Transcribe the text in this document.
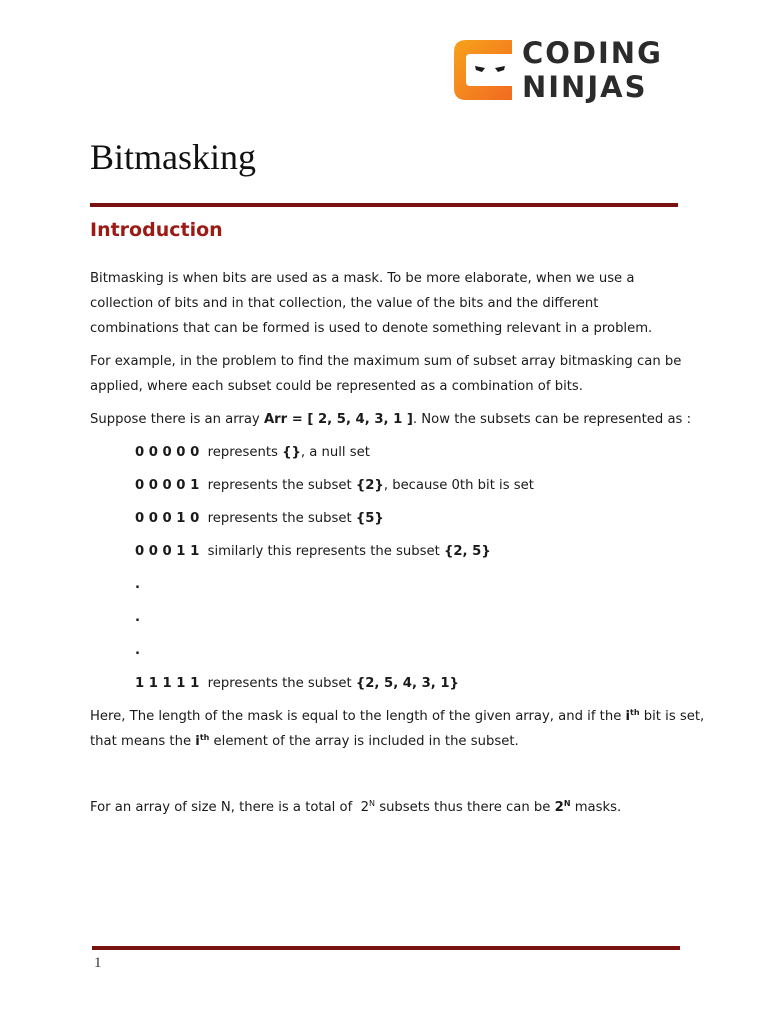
CODING
NINJAS
Bitmasking
Introduction

Bitmasking is when bits are used as a mask. To be more elaborate, when we use a collection of bits and in that collection, the value of the bits and the different combinations that can be formed is used to denote something relevant in a problem.

For example, in the problem to find the maximum sum of subset array bitmasking can be applied, where each subset could be represented as a combination of bits.

Suppose there is an array Arr = [ 2, 5, 4, 3, 1 ]. Now the subsets can be represented as :

0 0 0 0 0  represents {}, a null set

0 0 0 0 1  represents the subset {2}, because 0th bit is set

0 0 0 1 0  represents the subset {5}

0 0 0 1 1  similarly this represents the subset {2, 5}

.

.

.

1 1 1 1 1  represents the subset {2, 5, 4, 3, 1}

Here, The length of the mask is equal to the length of the given array, and if the $i^{th}$ bit is set,

that means the $i^{th}$ element of the array is included in the subset.

For an array of size N, there is a total of  $2^N$ subsets thus there can be $2^N$ masks.

1
